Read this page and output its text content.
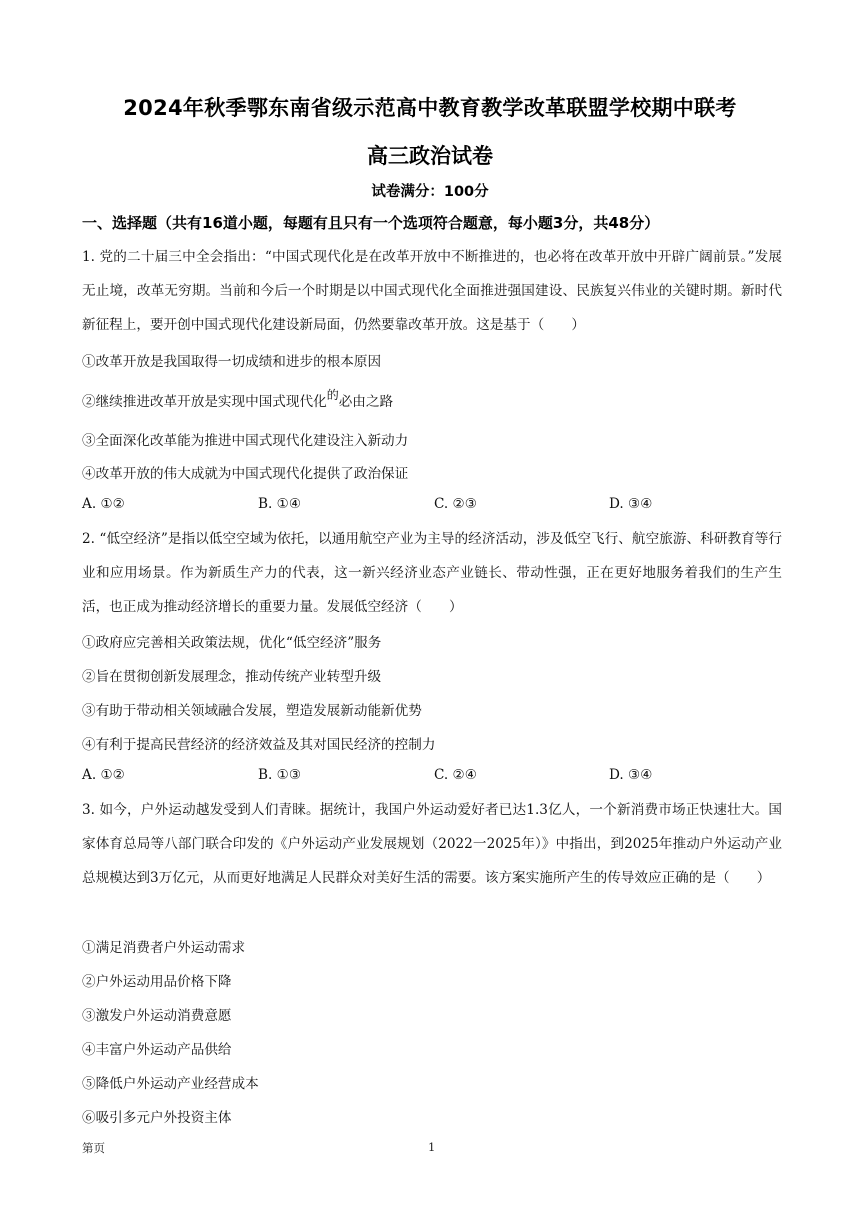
2024年秋季鄂东南省级示范高中教育教学改革联盟学校期中联考
高三政治试卷
试卷满分：100分
一、选择题（共有16道小题，每题有且只有一个选项符合题意，每小题3分，共48分）
1. 党的二十届三中全会指出：“中国式现代化是在改革开放中不断推进的，也必将在改革开放中开辟广阔前景。”发展无止境，改革无穷期。当前和今后一个时期是以中国式现代化全面推进强国建设、民族复兴伟业的关键时期。新时代新征程上，要开创中国式现代化建设新局面，仍然要靠改革开放。这是基于（　　）
①改革开放是我国取得一切成绩和进步的根本原因
②继续推进改革开放是实现中国式现代化的必由之路
③全面深化改革能为推进中国式现代化建设注入新动力
④改革开放的伟大成就为中国式现代化提供了政治保证
A. ①②	B. ①④	C. ②③	D. ③④
2. “低空经济”是指以低空空域为依托，以通用航空产业为主导的经济活动，涉及低空飞行、航空旅游、科研教育等行业和应用场景。作为新质生产力的代表，这一新兴经济业态产业链长、带动性强，正在更好地服务着我们的生产生活，也正成为推动经济增长的重要力量。发展低空经济（　　）
①政府应完善相关政策法规，优化“低空经济”服务
②旨在贯彻创新发展理念，推动传统产业转型升级
③有助于带动相关领域融合发展，塑造发展新动能新优势
④有利于提高民营经济的经济效益及其对国民经济的控制力
A. ①②	B. ①③	C. ②④	D. ③④
3. 如今，户外运动越发受到人们青睐。据统计，我国户外运动爱好者已达1.3亿人，一个新消费市场正快速壮大。国家体育总局等八部门联合印发的《户外运动产业发展规划（2022一2025年）》中指出，到2025年推动户外运动产业总规模达到3万亿元，从而更好地满足人民群众对美好生活的需要。该方案实施所产生的传导效应正确的是（　　）
①满足消费者户外运动需求
②户外运动用品价格下降
③激发户外运动消费意愿
④丰富户外运动产品供给
⑤降低户外运动产业经营成本
⑥吸引多元户外投资主体
第页	1
